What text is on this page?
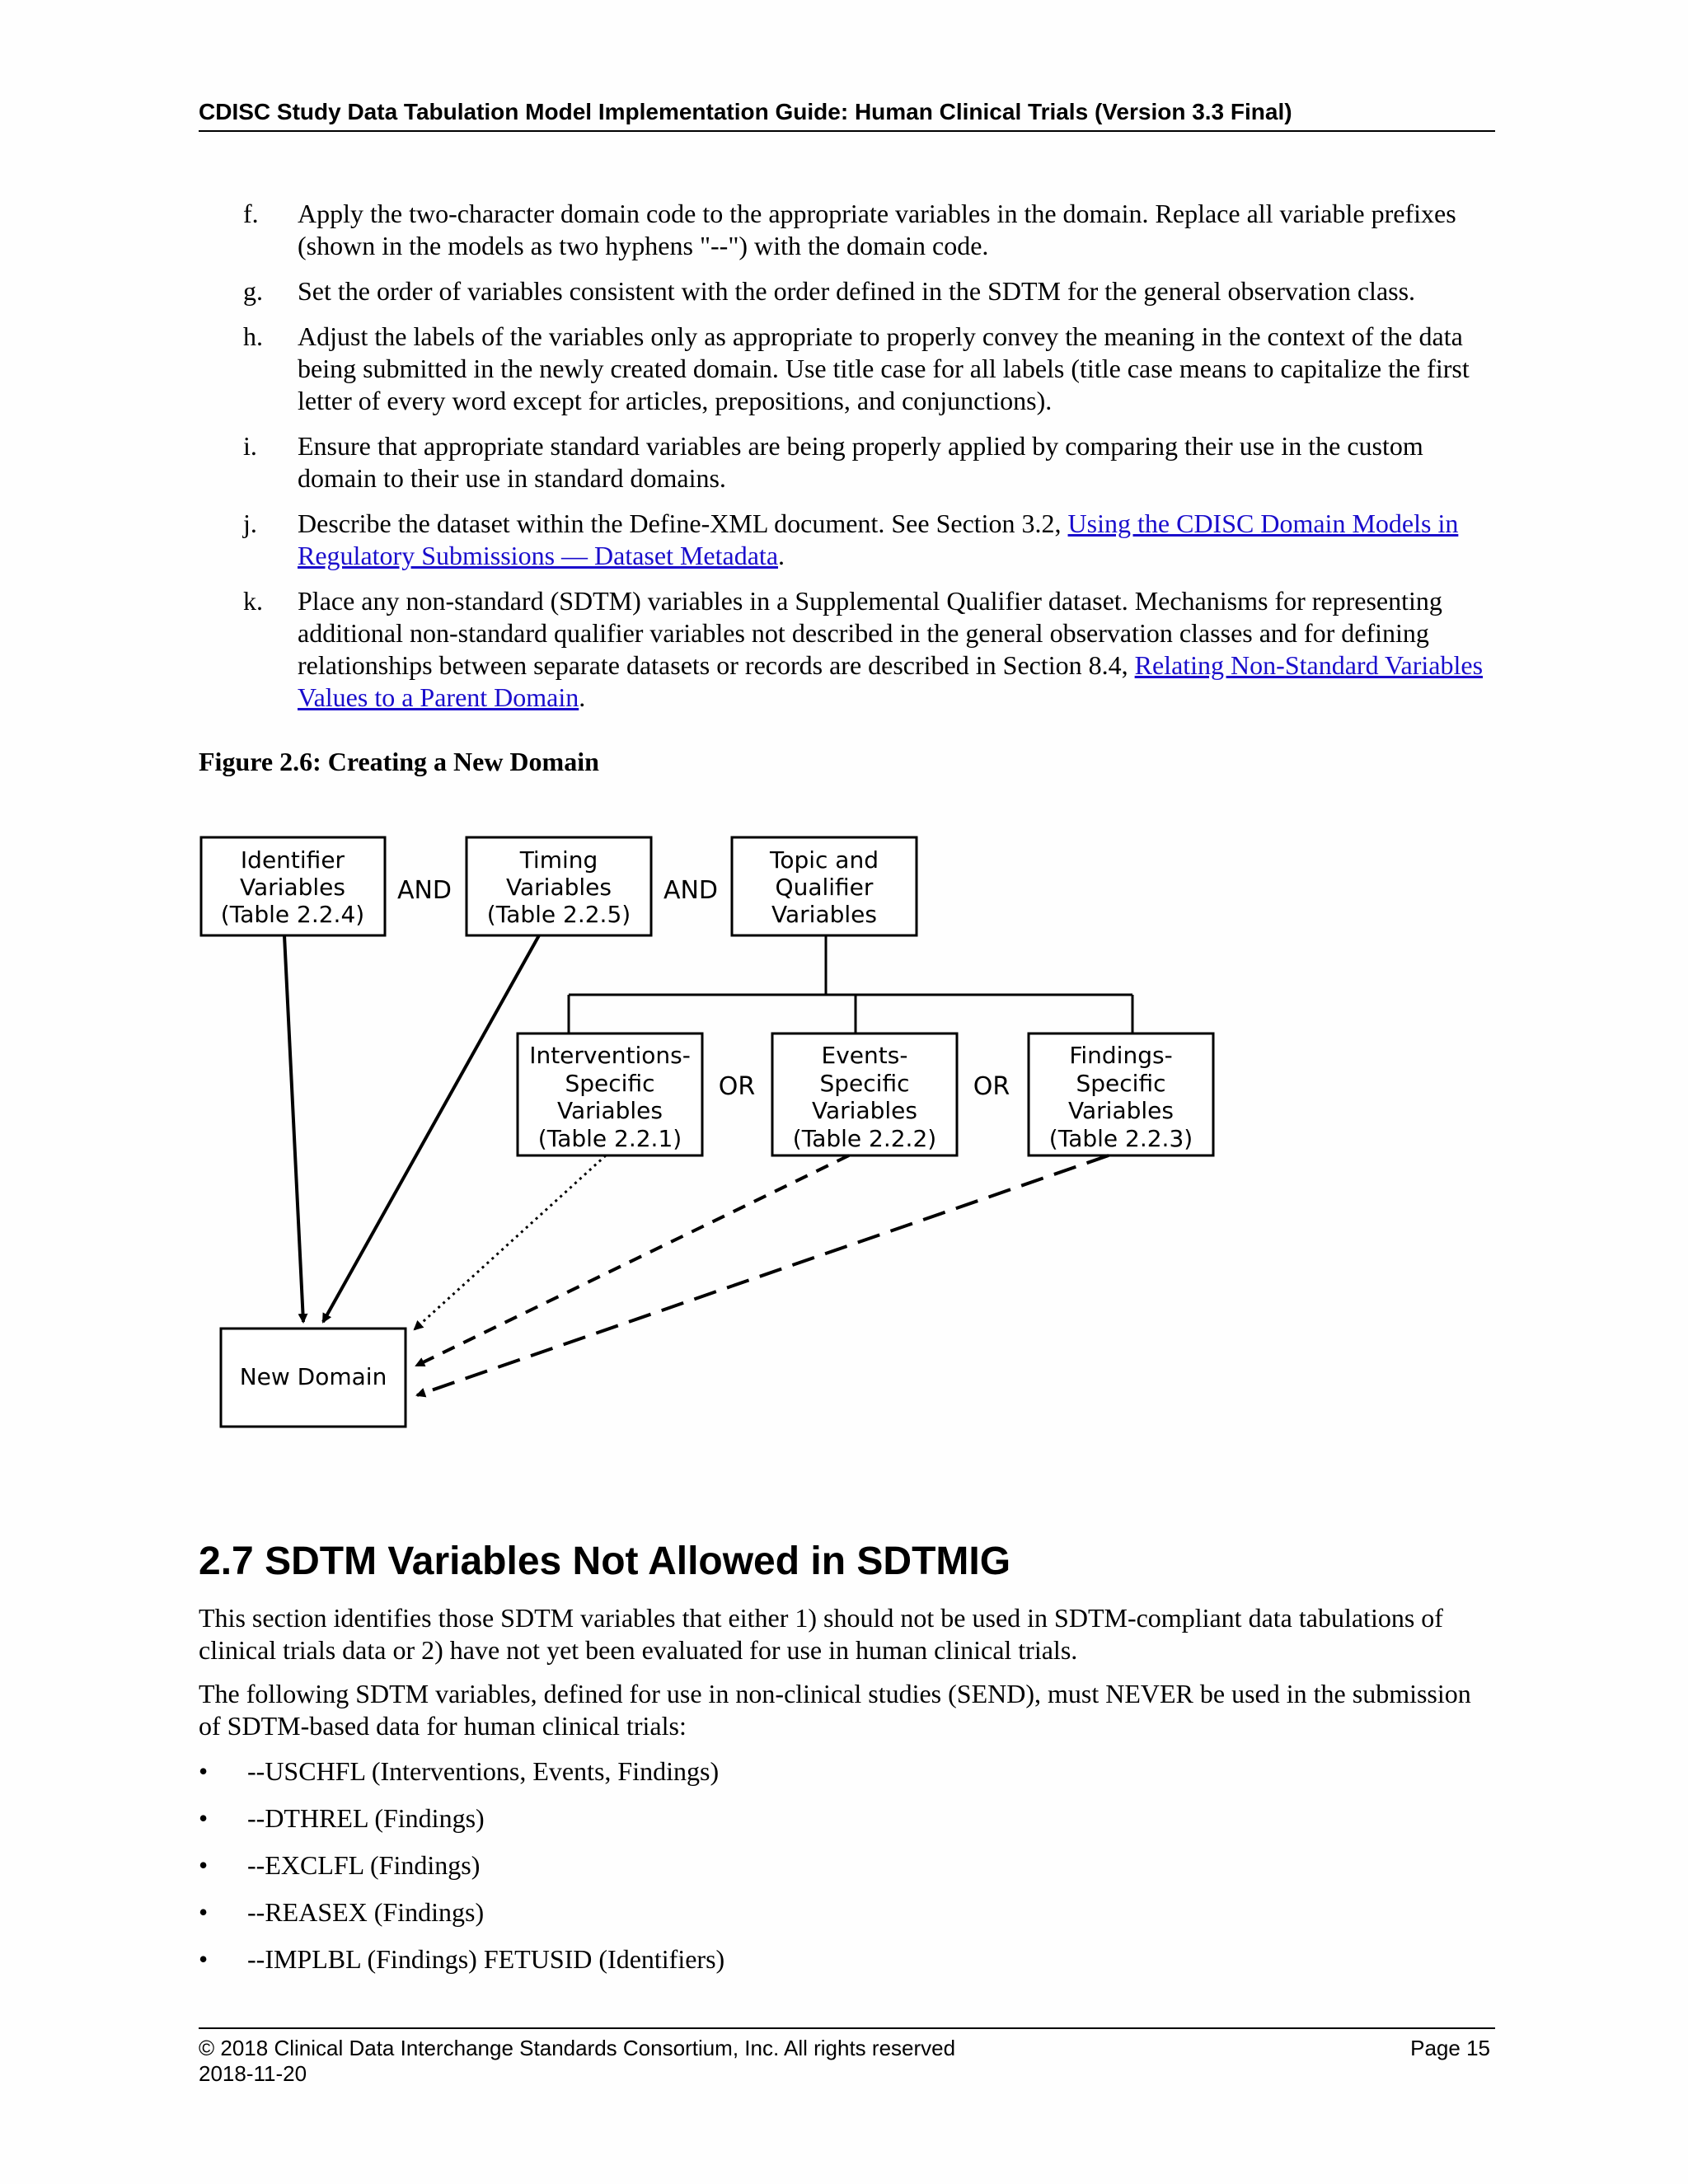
CDISC Study Data Tabulation Model Implementation Guide: Human Clinical Trials (Version 3.3 Final)
f. Apply the two-character domain code to the appropriate variables in the domain. Replace all variable prefixes (shown in the models as two hyphens "--") with the domain code.
g. Set the order of variables consistent with the order defined in the SDTM for the general observation class.
h. Adjust the labels of the variables only as appropriate to properly convey the meaning in the context of the data being submitted in the newly created domain. Use title case for all labels (title case means to capitalize the first letter of every word except for articles, prepositions, and conjunctions).
i. Ensure that appropriate standard variables are being properly applied by comparing their use in the custom domain to their use in standard domains.
j. Describe the dataset within the Define-XML document. See Section 3.2, Using the CDISC Domain Models in Regulatory Submissions — Dataset Metadata.
k. Place any non-standard (SDTM) variables in a Supplemental Qualifier dataset. Mechanisms for representing additional non-standard qualifier variables not described in the general observation classes and for defining relationships between separate datasets or records are described in Section 8.4, Relating Non-Standard Variables Values to a Parent Domain.
Figure 2.6: Creating a New Domain
Identifier
Variables
(Table 2.2.4)
AND
Timing
Variables
(Table 2.2.5)
AND
Topic and
Qualifier
Variables
Interventions-
Specific
Variables
(Table 2.2.1)
OR
Events-
Specific
Variables
(Table 2.2.2)
OR
Findings-
Specific
Variables
(Table 2.2.3)
New Domain
2.7 SDTM Variables Not Allowed in SDTMIG

This section identifies those SDTM variables that either 1) should not be used in SDTM-compliant data tabulations of clinical trials data or 2) have not yet been evaluated for use in human clinical trials.

The following SDTM variables, defined for use in non-clinical studies (SEND), must NEVER be used in the submission of SDTM-based data for human clinical trials:

• --USCHFL (Interventions, Events, Findings)
• --DTHREL (Findings)
• --EXCLFL (Findings)
• --REASEX (Findings)
• --IMPLBL (Findings) FETUSID (Identifiers)
© 2018 Clinical Data Interchange Standards Consortium, Inc. All rights reserved
2018-11-20
Page 15
